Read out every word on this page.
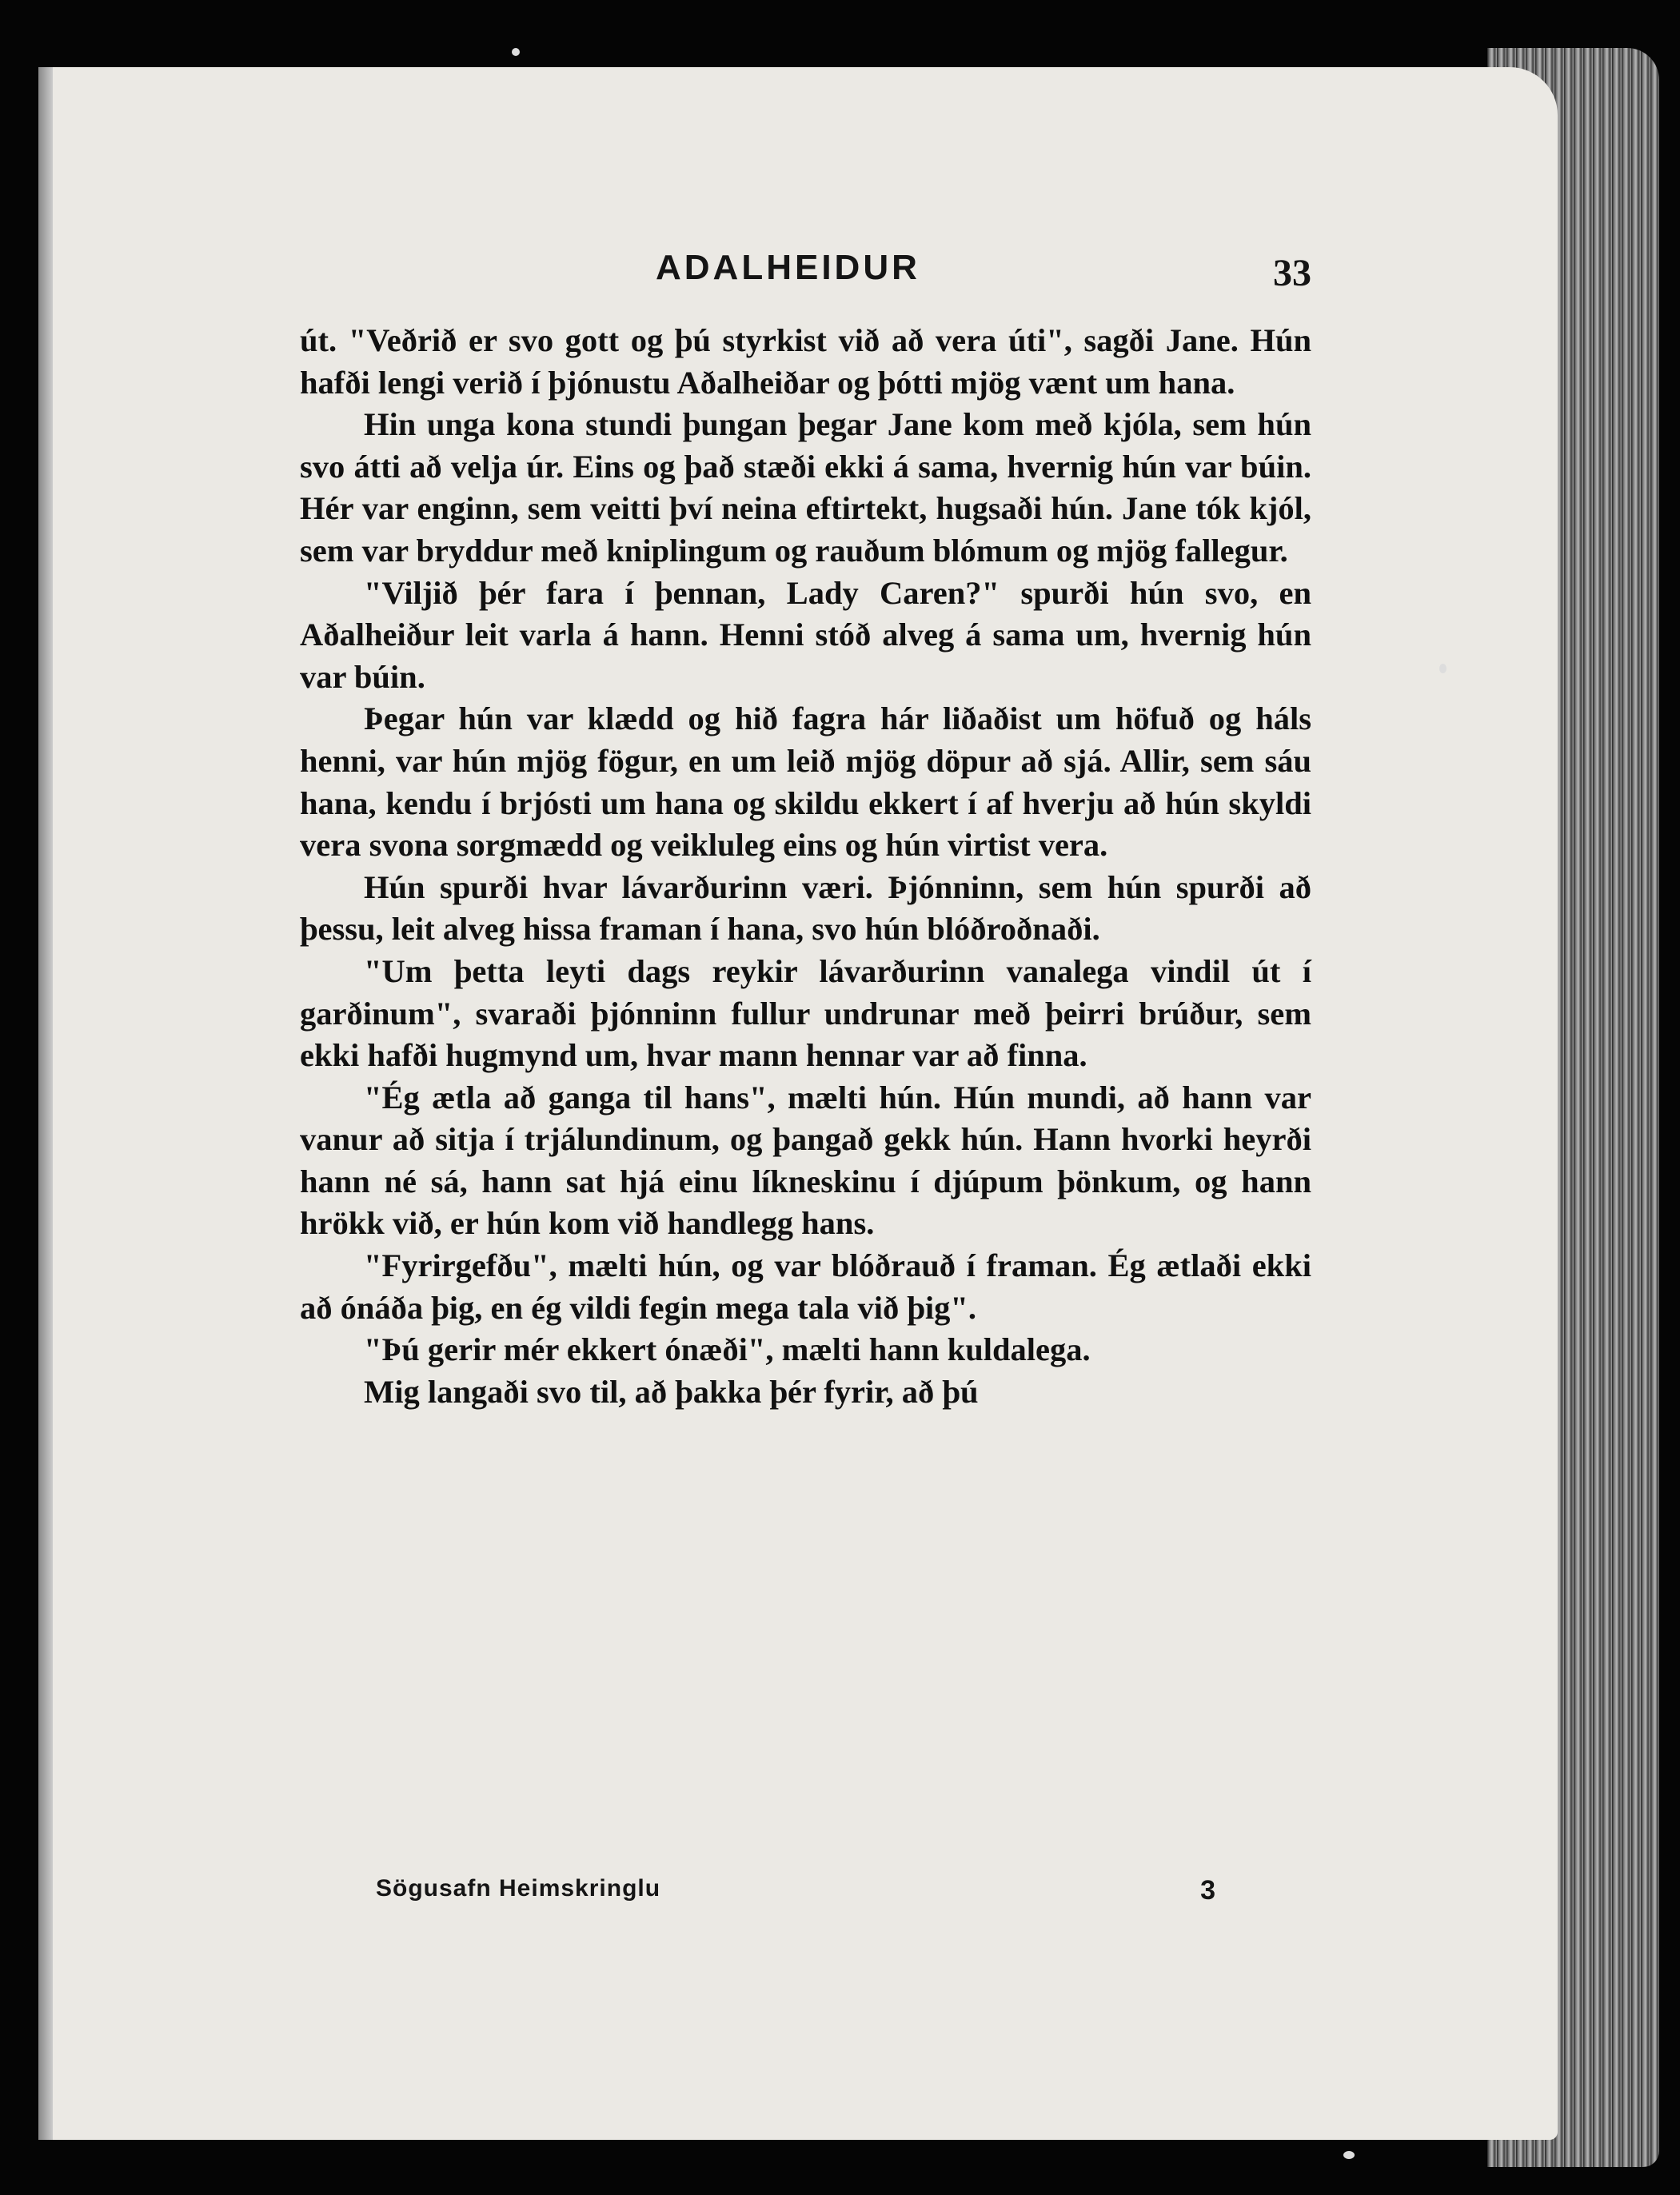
ADALHEIDUR	33

út. "Veðrið er svo gott og þú styrkist við að vera úti", sagði Jane. Hún hafði lengi verið í þjónustu Aðalheiðar og þótti mjög vænt um hana.

Hin unga kona stundi þungan þegar Jane kom með kjóla, sem hún svo átti að velja úr. Eins og það stæði ekki á sama, hvernig hún var búin. Hér var enginn, sem veitti því neina eftirtekt, hugsaði hún. Jane tók kjól, sem var bryddur með kniplingum og rauðum blómum og mjög fallegur.

"Viljið þér fara í þennan, Lady Caren?" spurði hún svo, en Aðalheiður leit varla á hann. Henni stóð alveg á sama um, hvernig hún var búin.

Þegar hún var klædd og hið fagra hár liðaðist um höfuð og háls henni, var hún mjög fögur, en um leið mjög döpur að sjá. Allir, sem sáu hana, kendu í brjósti um hana og skildu ekkert í af hverju að hún skyldi vera svona sorgmædd og veikluleg eins og hún virtist vera.

Hún spurði hvar lávarðurinn væri. Þjónninn, sem hún spurði að þessu, leit alveg hissa framan í hana, svo hún blóðroðnaði.

"Um þetta leyti dags reykir lávarðurinn vanalega vindil út í garðinum", svaraði þjónninn fullur undrunar með þeirri brúður, sem ekki hafði hugmynd um, hvar mann hennar var að finna.

"Ég ætla að ganga til hans", mælti hún. Hún mundi, að hann var vanur að sitja í trjálundinum, og þangað gekk hún. Hann hvorki heyrði hann né sá, hann sat hjá einu líkneskinu í djúpum þönkum, og hann hrökk við, er hún kom við handlegg hans.

"Fyrirgefðu", mælti hún, og var blóðrauð í framan. Ég ætlaði ekki að ónáða þig, en ég vildi fegin mega tala við þig".

"Þú gerir mér ekkert ónæði", mælti hann kuldalega.

Mig langaði svo til, að þakka þér fyrir, að þú

Sögusafn Heimskringlu	3
